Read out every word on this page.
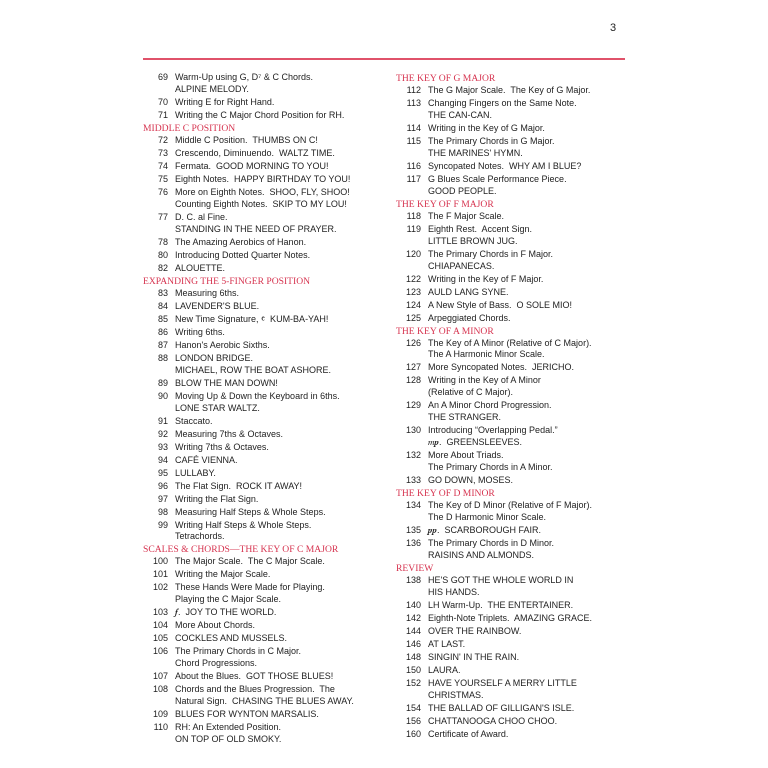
3
69 Warm-Up using G, D⁷ & C Chords.
ALPINE MELODY.
70 Writing E for Right Hand.
71 Writing the C Major Chord Position for RH.
MIDDLE C POSITION
72 Middle C Position.  THUMBS ON C!
73 Crescendo, Diminuendo.  WALTZ TIME.
74 Fermata.  GOOD MORNING TO YOU!
75 Eighth Notes.  HAPPY BIRTHDAY TO YOU!
76 More on Eighth Notes.  SHOO, FLY, SHOO!
Counting Eighth Notes.  SKIP TO MY LOU!
77 D. C. al Fine.
STANDING IN THE NEED OF PRAYER.
78 The Amazing Aerobics of Hanon.
80 Introducing Dotted Quarter Notes.
82 ALOUETTE.
EXPANDING THE 5-FINGER POSITION
83 Measuring 6ths.
84 LAVENDER'S BLUE.
85 New Time Signature, 𝄴  KUM-BA-YAH!
86 Writing 6ths.
87 Hanon's Aerobic Sixths.
88 LONDON BRIDGE.
MICHAEL, ROW THE BOAT ASHORE.
89 BLOW THE MAN DOWN!
90 Moving Up & Down the Keyboard in 6ths.
LONE STAR WALTZ.
91 Staccato.
92 Measuring 7ths & Octaves.
93 Writing 7ths & Octaves.
94 CAFÉ VIENNA.
95 LULLABY.
96 The Flat Sign.  ROCK IT AWAY!
97 Writing the Flat Sign.
98 Measuring Half Steps & Whole Steps.
99 Writing Half Steps & Whole Steps.
Tetrachords.
SCALES & CHORDS—THE KEY OF C MAJOR
100 The Major Scale.  The C Major Scale.
101 Writing the Major Scale.
102 These Hands Were Made for Playing.
Playing the C Major Scale.
103 𝆑.  JOY TO THE WORLD.
104 More About Chords.
105 COCKLES AND MUSSELS.
106 The Primary Chords in C Major.
Chord Progressions.
107 About the Blues.  GOT THOSE BLUES!
108 Chords and the Blues Progression.  The
Natural Sign.  CHASING THE BLUES AWAY.
109 BLUES FOR WYNTON MARSALIS.
110 RH: An Extended Position.
ON TOP OF OLD SMOKY.
THE KEY OF G MAJOR
112 The G Major Scale.  The Key of G Major.
113 Changing Fingers on the Same Note.
THE CAN-CAN.
114 Writing in the Key of G Major.
115 The Primary Chords in G Major.
THE MARINES' HYMN.
116 Syncopated Notes.  WHY AM I BLUE?
117 G Blues Scale Performance Piece.
GOOD PEOPLE.
THE KEY OF F MAJOR
118 The F Major Scale.
119 Eighth Rest.  Accent Sign.
LITTLE BROWN JUG.
120 The Primary Chords in F Major.
CHIAPANECAS.
122 Writing in the Key of F Major.
123 AULD LANG SYNE.
124 A New Style of Bass.  O SOLE MIO!
125 Arpeggiated Chords.
THE KEY OF A MINOR
126 The Key of A Minor (Relative of C Major).
The A Harmonic Minor Scale.
127 More Syncopated Notes.  JERICHO.
128 Writing in the Key of A Minor
(Relative of C Major).
129 An A Minor Chord Progression.
THE STRANGER.
130 Introducing “Overlapping Pedal.”
𝆐𝆏.  GREENSLEEVES.
132 More About Triads.
The Primary Chords in A Minor.
133 GO DOWN, MOSES.
THE KEY OF D MINOR
134 The Key of D Minor (Relative of F Major).
The D Harmonic Minor Scale.
135 𝆏𝆏.  SCARBOROUGH FAIR.
136 The Primary Chords in D Minor.
RAISINS AND ALMONDS.
REVIEW
138 HE'S GOT THE WHOLE WORLD IN
HIS HANDS.
140 LH Warm-Up.  THE ENTERTAINER.
142 Eighth-Note Triplets.  AMAZING GRACE.
144 OVER THE RAINBOW.
146 AT LAST.
148 SINGIN' IN THE RAIN.
150 LAURA.
152 HAVE YOURSELF A MERRY LITTLE
CHRISTMAS.
154 THE BALLAD OF GILLIGAN'S ISLE.
156 CHATTANOOGA CHOO CHOO.
160 Certificate of Award.
